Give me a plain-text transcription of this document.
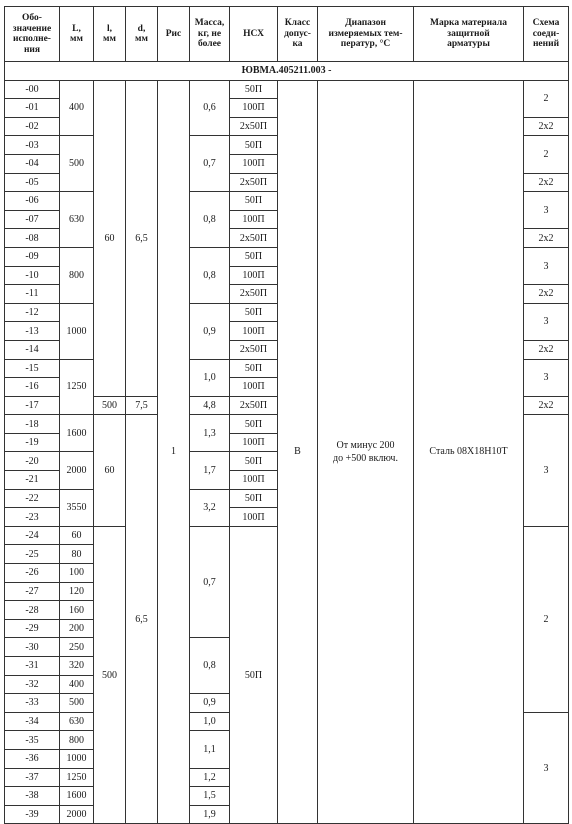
Обо-
значение
исполне-
ния	L,
мм	l,
мм	d,
мм	Рис	Масса,
кг, не
более	НСХ	Класс
допус-
ка	Диапазон
измеряемых тем-
ператур, °С	Марка материала
защитной
арматуры	Схема
соеди-
нений
ЮВМА.405211.003 -										
-00	400	60	6,5	1	0,6	50П	В	От минус 200
до +500 включ.	Сталь 08Х18Н10Т	2
-01						100П				
-02						2х50П				2х2
-03	500				0,7	50П				2
-04						100П				
-05						2х50П				2х2
-06	630				0,8	50П				3
-07						100П				
-08						2х50П				2х2
-09	800				0,8	50П				3
-10						100П				
-11						2х50П				2х2
-12	1000				0,9	50П				3
-13						100П				
-14						2х50П				2х2
-15	1250				1,0	50П				3
-16						100П				
-17		500	7,5		4,8	2х50П				2х2
-18	1600	60	6,5		1,3	50П				3
-19						100П				
-20	2000				1,7	50П				
-21						100П				
-22	3550				3,2	50П				
-23						100П				
-24	60	500			0,7	50П				2
-25	80									
-26	100									
-27	120									
-28	160									
-29	200									
-30	250				0,8					
-31	320									
-32	400									
-33	500				0,9					
-34	630				1,0					3
-35	800				1,1					
-36	1000									
-37	1250				1,2					
-38	1600				1,5					
-39	2000				1,9					
